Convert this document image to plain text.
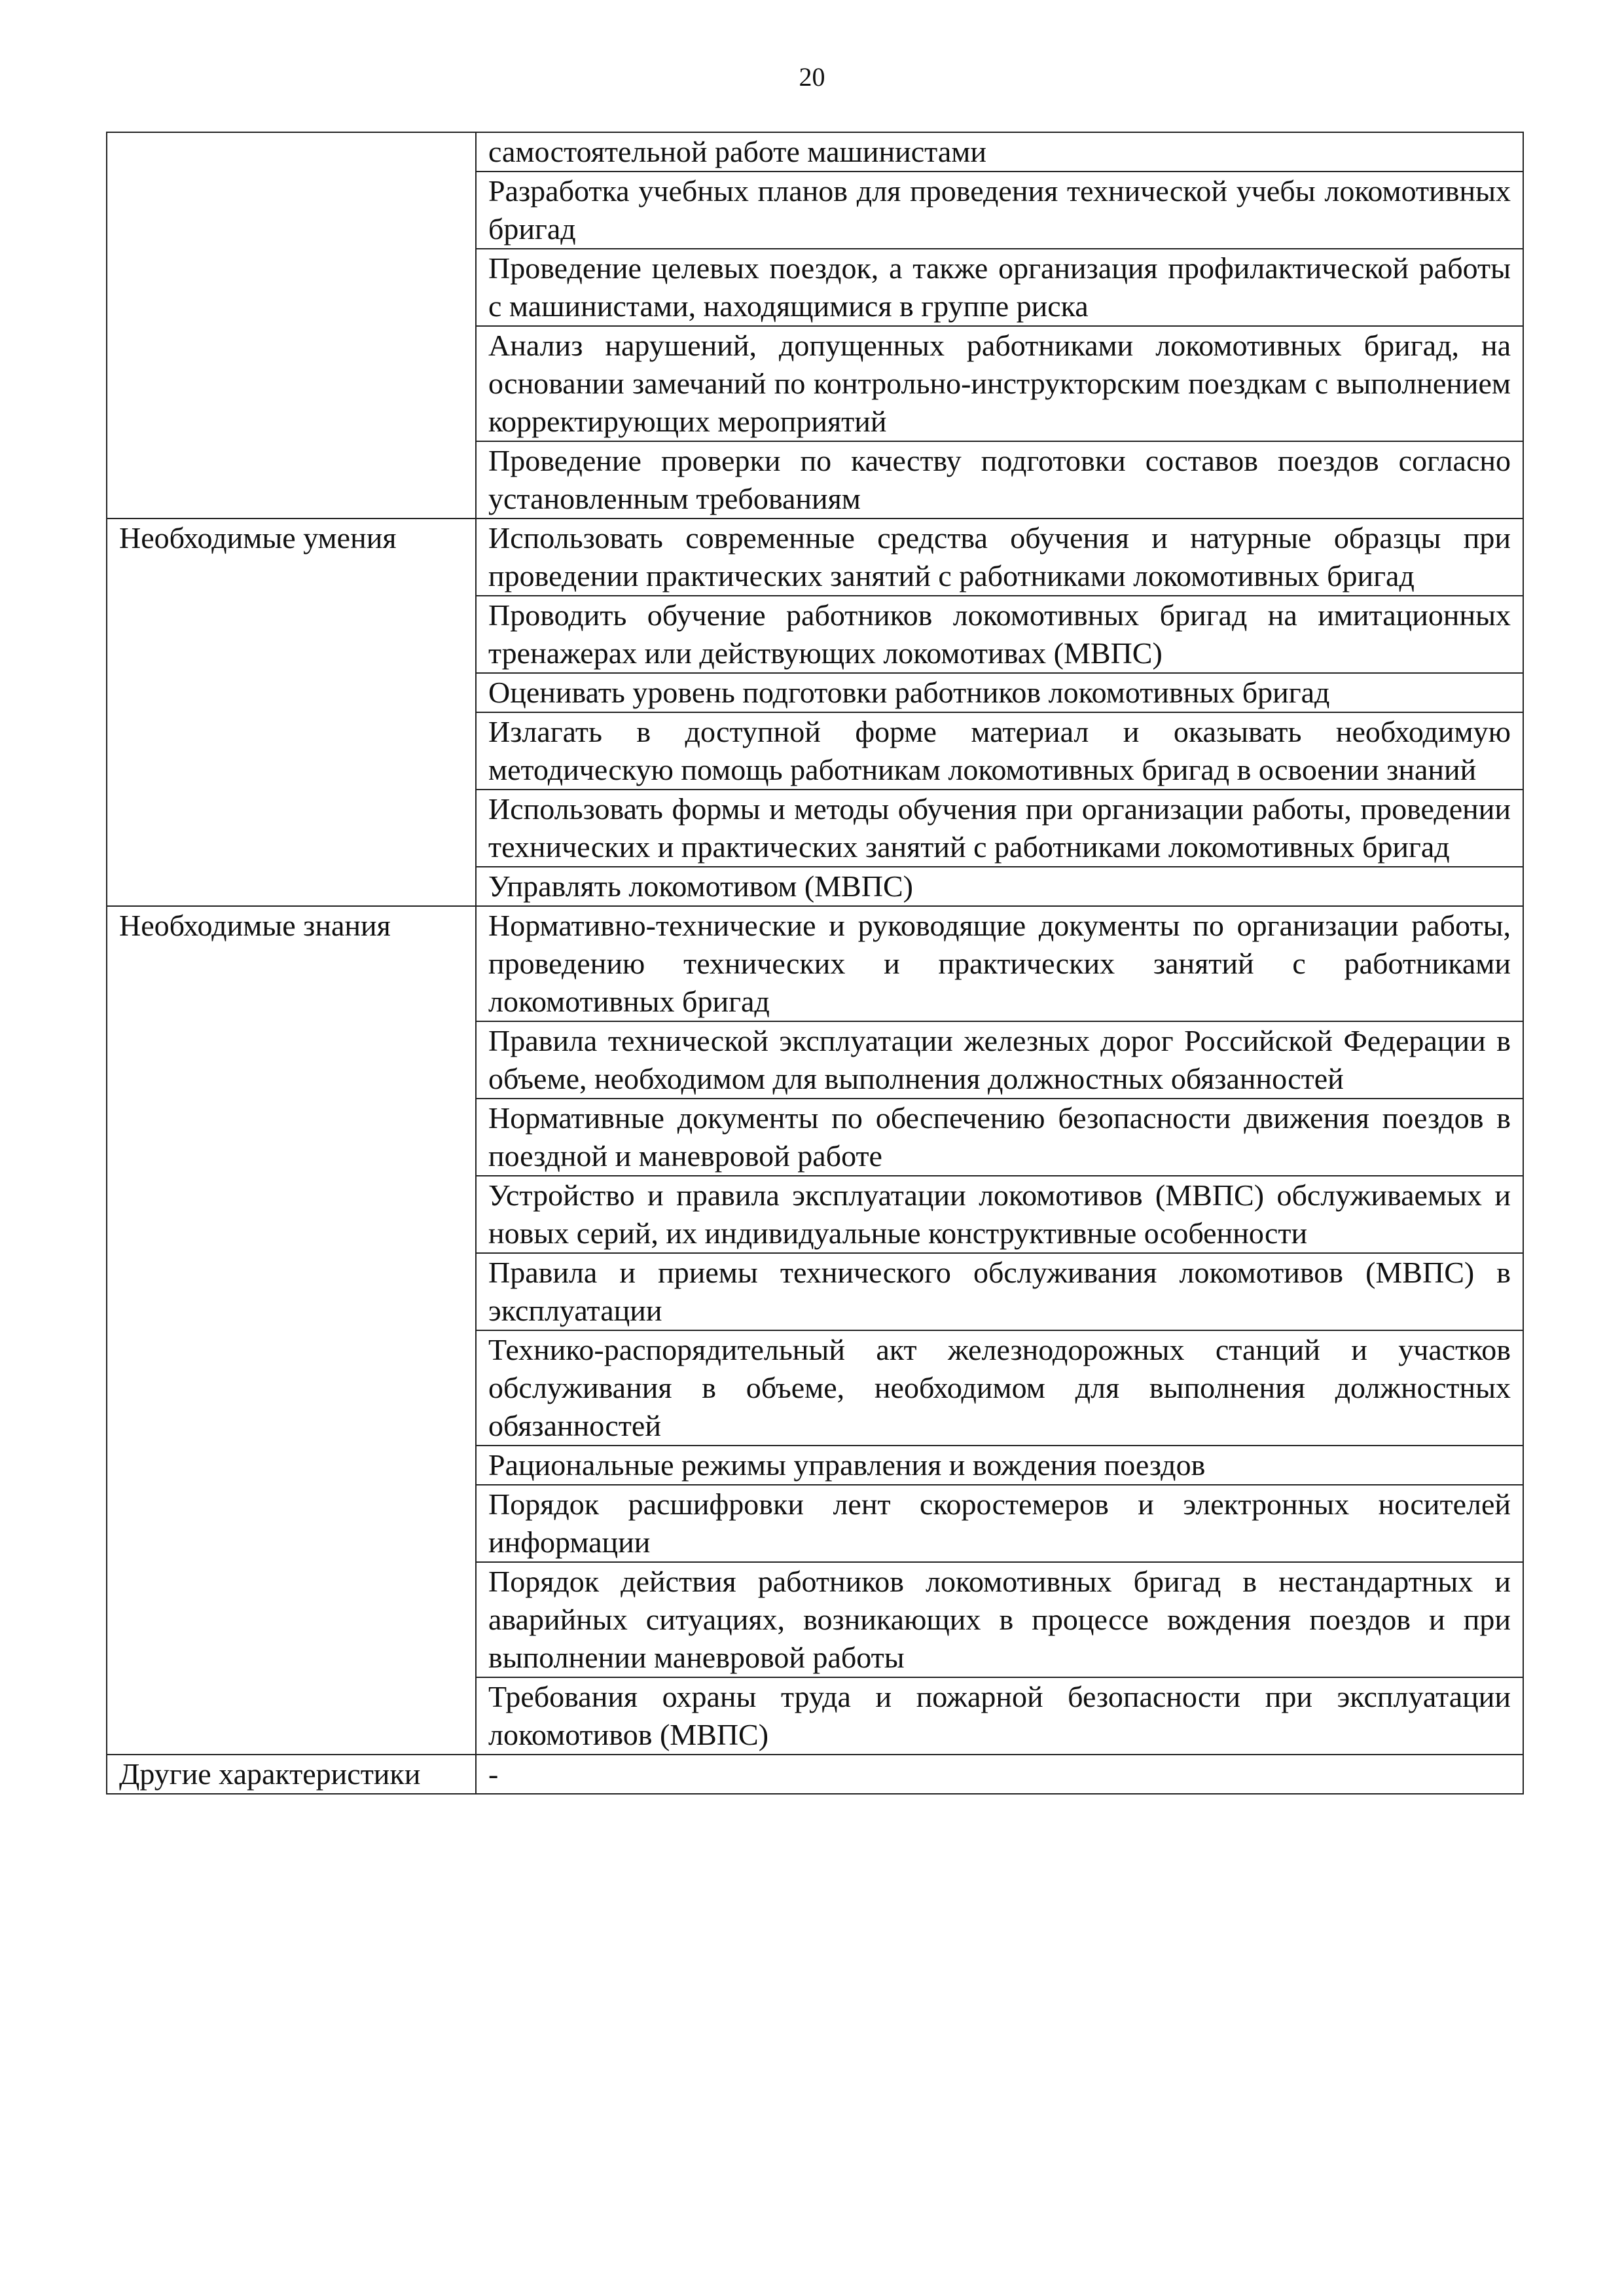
20
	самостоятельной работе машинистами
	Разработка учебных планов для проведения технической учебы локомотивных бригад
	Проведение целевых поездок, а также организация профилактической работы с машинистами, находящимися в группе риска
	Анализ нарушений, допущенных работниками локомотивных бригад, на основании замечаний по контрольно-инструкторским поездкам с выполнением корректирующих мероприятий
	Проведение проверки по качеству подготовки составов поездов согласно установленным требованиям
Необходимые умения	Использовать современные средства обучения и натурные образцы при проведении практических занятий с работниками локомотивных бригад
	Проводить обучение работников локомотивных бригад на имитационных тренажерах или действующих локомотивах (МВПС)
	Оценивать уровень подготовки работников локомотивных бригад
	Излагать в доступной форме материал и оказывать необходимую методическую помощь работникам локомотивных бригад в освоении знаний
	Использовать формы и методы обучения при организации работы, проведении технических и практических занятий с работниками локомотивных бригад
	Управлять локомотивом (МВПС)
Необходимые знания	Нормативно-технические и руководящие документы по организации работы, проведению технических и практических занятий с работниками локомотивных бригад
	Правила технической эксплуатации железных дорог Российской Федерации в объеме, необходимом для выполнения должностных обязанностей
	Нормативные документы по обеспечению безопасности движения поездов в поездной и маневровой работе
	Устройство и правила эксплуатации локомотивов (МВПС) обслуживаемых и новых серий, их индивидуальные конструктивные особенности
	Правила и приемы технического обслуживания локомотивов (МВПС) в эксплуатации
	Технико-распорядительный акт железнодорожных станций и участков обслуживания в объеме, необходимом для выполнения должностных обязанностей
	Рациональные режимы управления и вождения поездов
	Порядок расшифровки лент скоростемеров и электронных носителей информации
	Порядок действия работников локомотивных бригад в нестандартных и аварийных ситуациях, возникающих в процессе вождения поездов и при выполнении маневровой работы
	Требования охраны труда и пожарной безопасности при эксплуатации локомотивов (МВПС)
Другие характеристики	-
